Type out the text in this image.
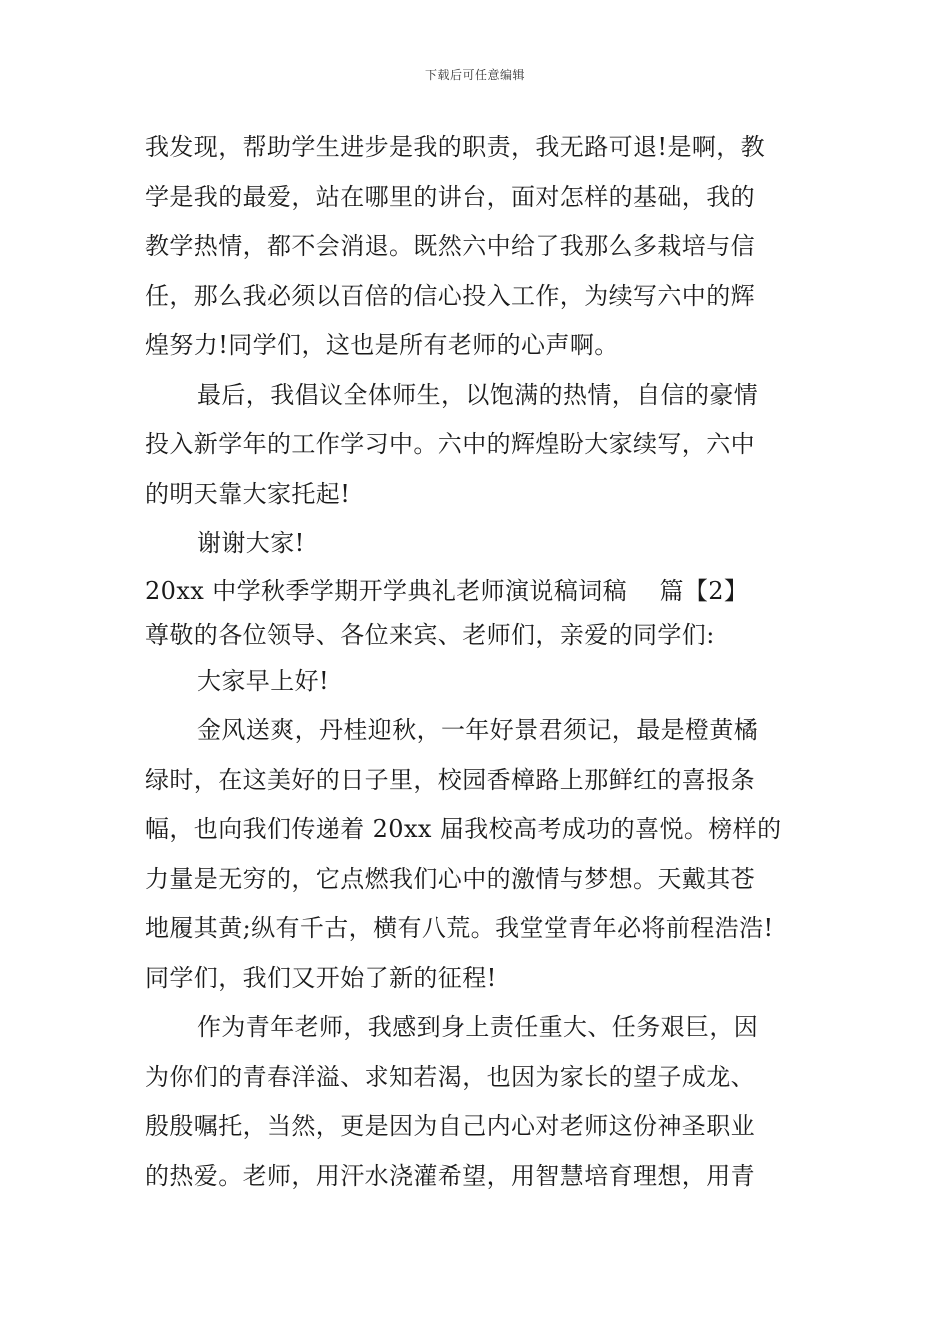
下载后可任意编辑
我发现，帮助学生进步是我的职责，我无路可退!是啊，教
学是我的最爱，站在哪里的讲台，面对怎样的基础，我的
教学热情，都不会消退。既然六中给了我那么多栽培与信
任，那么我必须以百倍的信心投入工作，为续写六中的辉
煌努力!同学们，这也是所有老师的心声啊。
最后，我倡议全体师生，以饱满的热情，自信的豪情
投入新学年的工作学习中。六中的辉煌盼大家续写，六中
的明天靠大家托起!
谢谢大家!
20xx 中学秋季学期开学典礼老师演说稿词稿　 篇【2】
尊敬的各位领导、各位来宾、老师们，亲爱的同学们:
大家早上好!
金风送爽，丹桂迎秋，一年好景君须记，最是橙黄橘
绿时，在这美好的日子里，校园香樟路上那鲜红的喜报条
幅，也向我们传递着 20xx 届我校高考成功的喜悦。榜样的
力量是无穷的，它点燃我们心中的激情与梦想。天戴其苍
地履其黄;纵有千古，横有八荒。我堂堂青年必将前程浩浩!
同学们，我们又开始了新的征程!
作为青年老师，我感到身上责任重大、任务艰巨，因
为你们的青春洋溢、求知若渴，也因为家长的望子成龙、
殷殷嘱托，当然，更是因为自己内心对老师这份神圣职业
的热爱。老师，用汗水浇灌希望，用智慧培育理想，用青
